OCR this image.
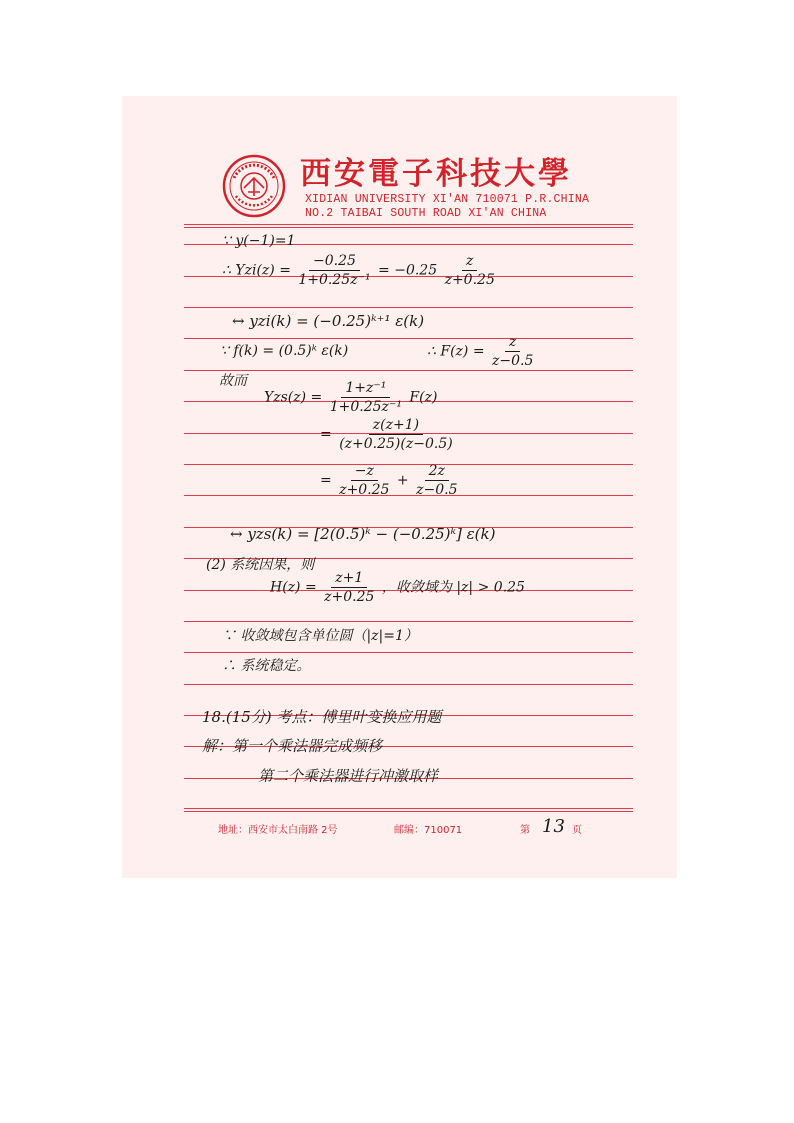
西安電子科技大學
XIDIAN UNIVERSITY XI'AN 710071 P.R.CHINA
NO.2 TAIBAI SOUTH ROAD XI'AN CHINA
∵ y(−1)=1
∴ $Yzi(z) = \frac{-0.25}{\text{1+0.25z⁻¹}} = -0.25 \frac{z}{z+0.25}$
↔ yzi(k) = (−0.25)ᵏ⁺¹ ε(k)
∵ f(k) = (0.5)ᵏ ε(k)	∴ $F(z) = \frac{z}{z-0.5}$
故而
$Yzs(z) = \frac{\text{1+z⁻¹}}{\text{1+0.25z⁻¹}} F(z)$
= $\frac{z(z+1)}{(z+0.25)(z-0.5)}$
= $\frac{-z}{z+0.25} + \frac{2z}{z-0.5}$
↔ yzs(k) = [2(0.5)ᵏ − (−0.25)ᵏ] ε(k)
(2) 系统因果，则
$H(z) = \frac{z+1}{z+0.25}$ ，收敛域为 |z| > 0.25
∵ 收敛域包含单位圆（|z|=1）
∴ 系统稳定。
18.(15分) 考点：傅里叶变换应用题
解：第一个乘法器完成频移
第二个乘法器进行冲激取样
地址：西安市太白南路 2号	邮编：710071	第 13 页
